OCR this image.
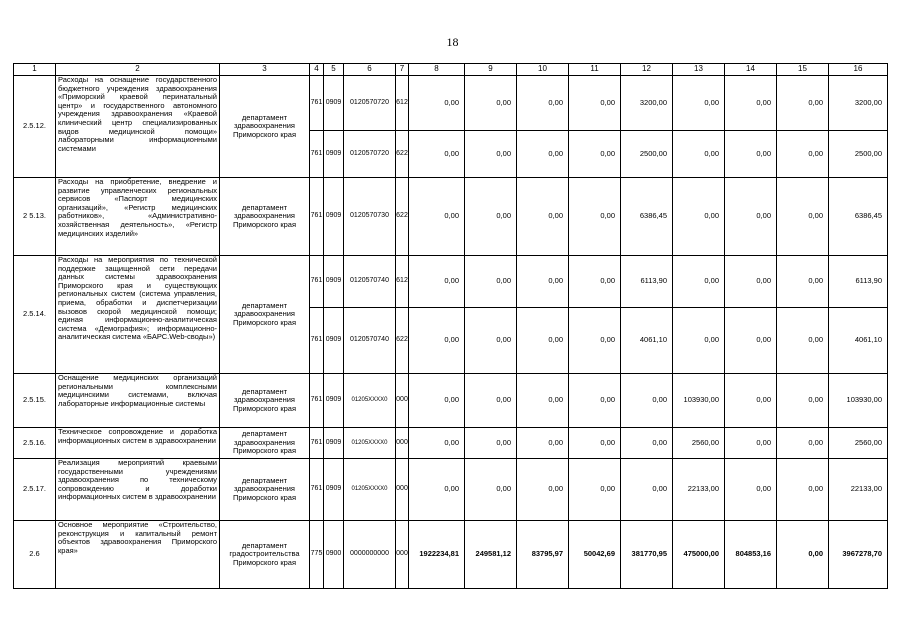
18
1	2	3	4	5	6	7	8	9	10	11	12	13	14	15	16
2.5.12.	Расходы на оснащение государственного бюджетного учреждения здравоохранения «Приморский краевой перинатальный центр» и государственного автономного учреждения здравоохранения «Краевой клинический центр специализированных видов медицинской помощи» лабораторными информационными системами	департамент здравоохранения Приморского края	761	0909	0120570720	612	0,00	0,00	0,00	0,00	3200,00	0,00	0,00	0,00	3200,00
			761	0909	0120570720	622	0,00	0,00	0,00	0,00	2500,00	0,00	0,00	0,00	2500,00
2 5.13.	Расходы на приобретение, внедрение и развитие управленческих региональных сервисов «Паспорт медицинских организаций», «Регистр медицинских работников», «Административно-хозяйственная деятельность», «Регистр медицинских изделий»	департамент здравоохранения Приморского края	761	0909	0120570730	622	0,00	0,00	0,00	0,00	6386,45	0,00	0,00	0,00	6386,45
2.5.14.	Расходы на мероприятия по технической поддержке защищенной сети передачи данных системы здравоохранения Приморского края и существующих региональных систем (система управления, приема, обработки и диспетчеризации вызовов скорой медицинской помощи; единая информационно-аналитическая система «Демография»; информационно-аналитическая система «БАРС.Web-своды»)	департамент здравоохранения Приморского края	761	0909	0120570740	612	0,00	0,00	0,00	0,00	6113,90	0,00	0,00	0,00	6113,90
			761	0909	0120570740	622	0,00	0,00	0,00	0,00	4061,10	0,00	0,00	0,00	4061,10
2.5.15.	Оснащение медицинских организаций региональными комплексными медицинскими системами, включая лабораторные информационные системы	департамент здравоохранения Приморского края	761	0909	01205XXXX0	000	0,00	0,00	0,00	0,00	0,00	103930,00	0,00	0,00	103930,00
2.5.16.	Техническое сопровождение и доработка информационных систем в здравоохранении	департамент здравоохранения Приморского края	761	0909	01205XXXX0	000	0,00	0,00	0,00	0,00	0,00	2560,00	0,00	0,00	2560,00
2.5.17.	Реализация мероприятий краевыми государственными учреждениями здравоохранения по техническому сопровождению и доработки информационных систем в здравоохранении	департамент здравоохранения Приморского края	761	0909	01205XXXX0	000	0,00	0,00	0,00	0,00	0,00	22133,00	0,00	0,00	22133,00
2.6	Основное мероприятие «Строительство, реконструкция и капитальный ремонт объектов здравоохранения Приморского края»	департамент градостроительства Приморского края	775	0900	0000000000	000	1922234,81	249581,12	83795,97	50042,69	381770,95	475000,00	804853,16	0,00	3967278,70
